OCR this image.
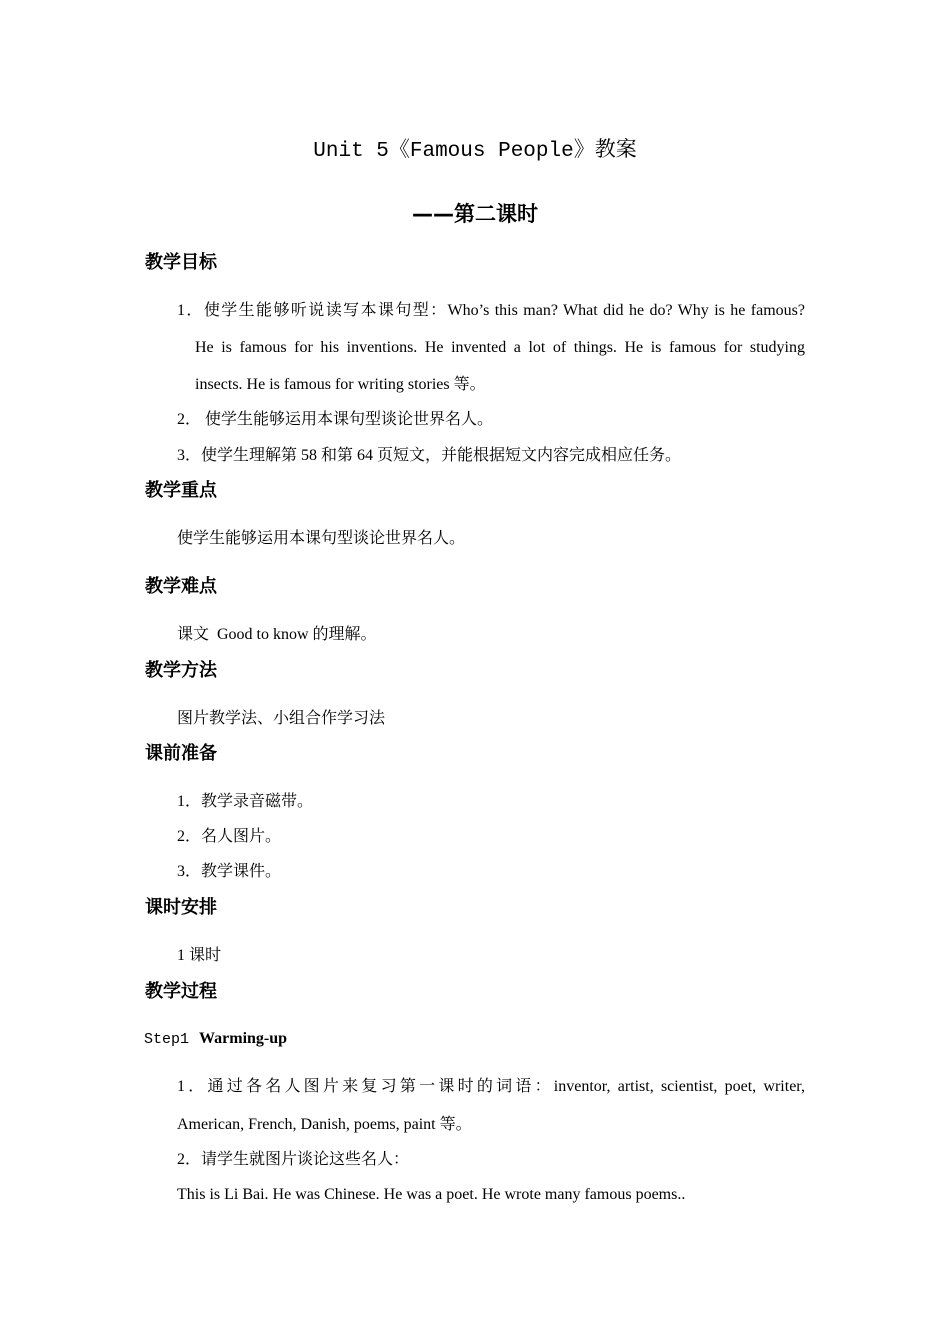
Unit 5《Famous People》教案
——第二课时
教学目标
1．使学生能够听说读写本课句型：Who’s this man? What did he do? Why is he famous?
He is famous for his inventions. He invented a lot of things. He is famous for studying
insects. He is famous for writing stories 等。
2． 使学生能够运用本课句型谈论世界名人。
3．使学生理解第 58 和第 64 页短文，并能根据短文内容完成相应任务。
教学重点
使学生能够运用本课句型谈论世界名人。
教学难点
课文  Good to know 的理解。
教学方法
图片教学法、小组合作学习法
课前准备
1．教学录音磁带。
2．名人图片。
3．教学课件。
课时安排
1 课时
教学过程
Step1 Warming-up
1．通过各名人图片来复习第一课时的词语：inventor, artist, scientist, poet, writer,
American, French, Danish, poems, paint 等。
2．请学生就图片谈论这些名人：
This is Li Bai. He was Chinese. He was a poet. He wrote many famous poems..
